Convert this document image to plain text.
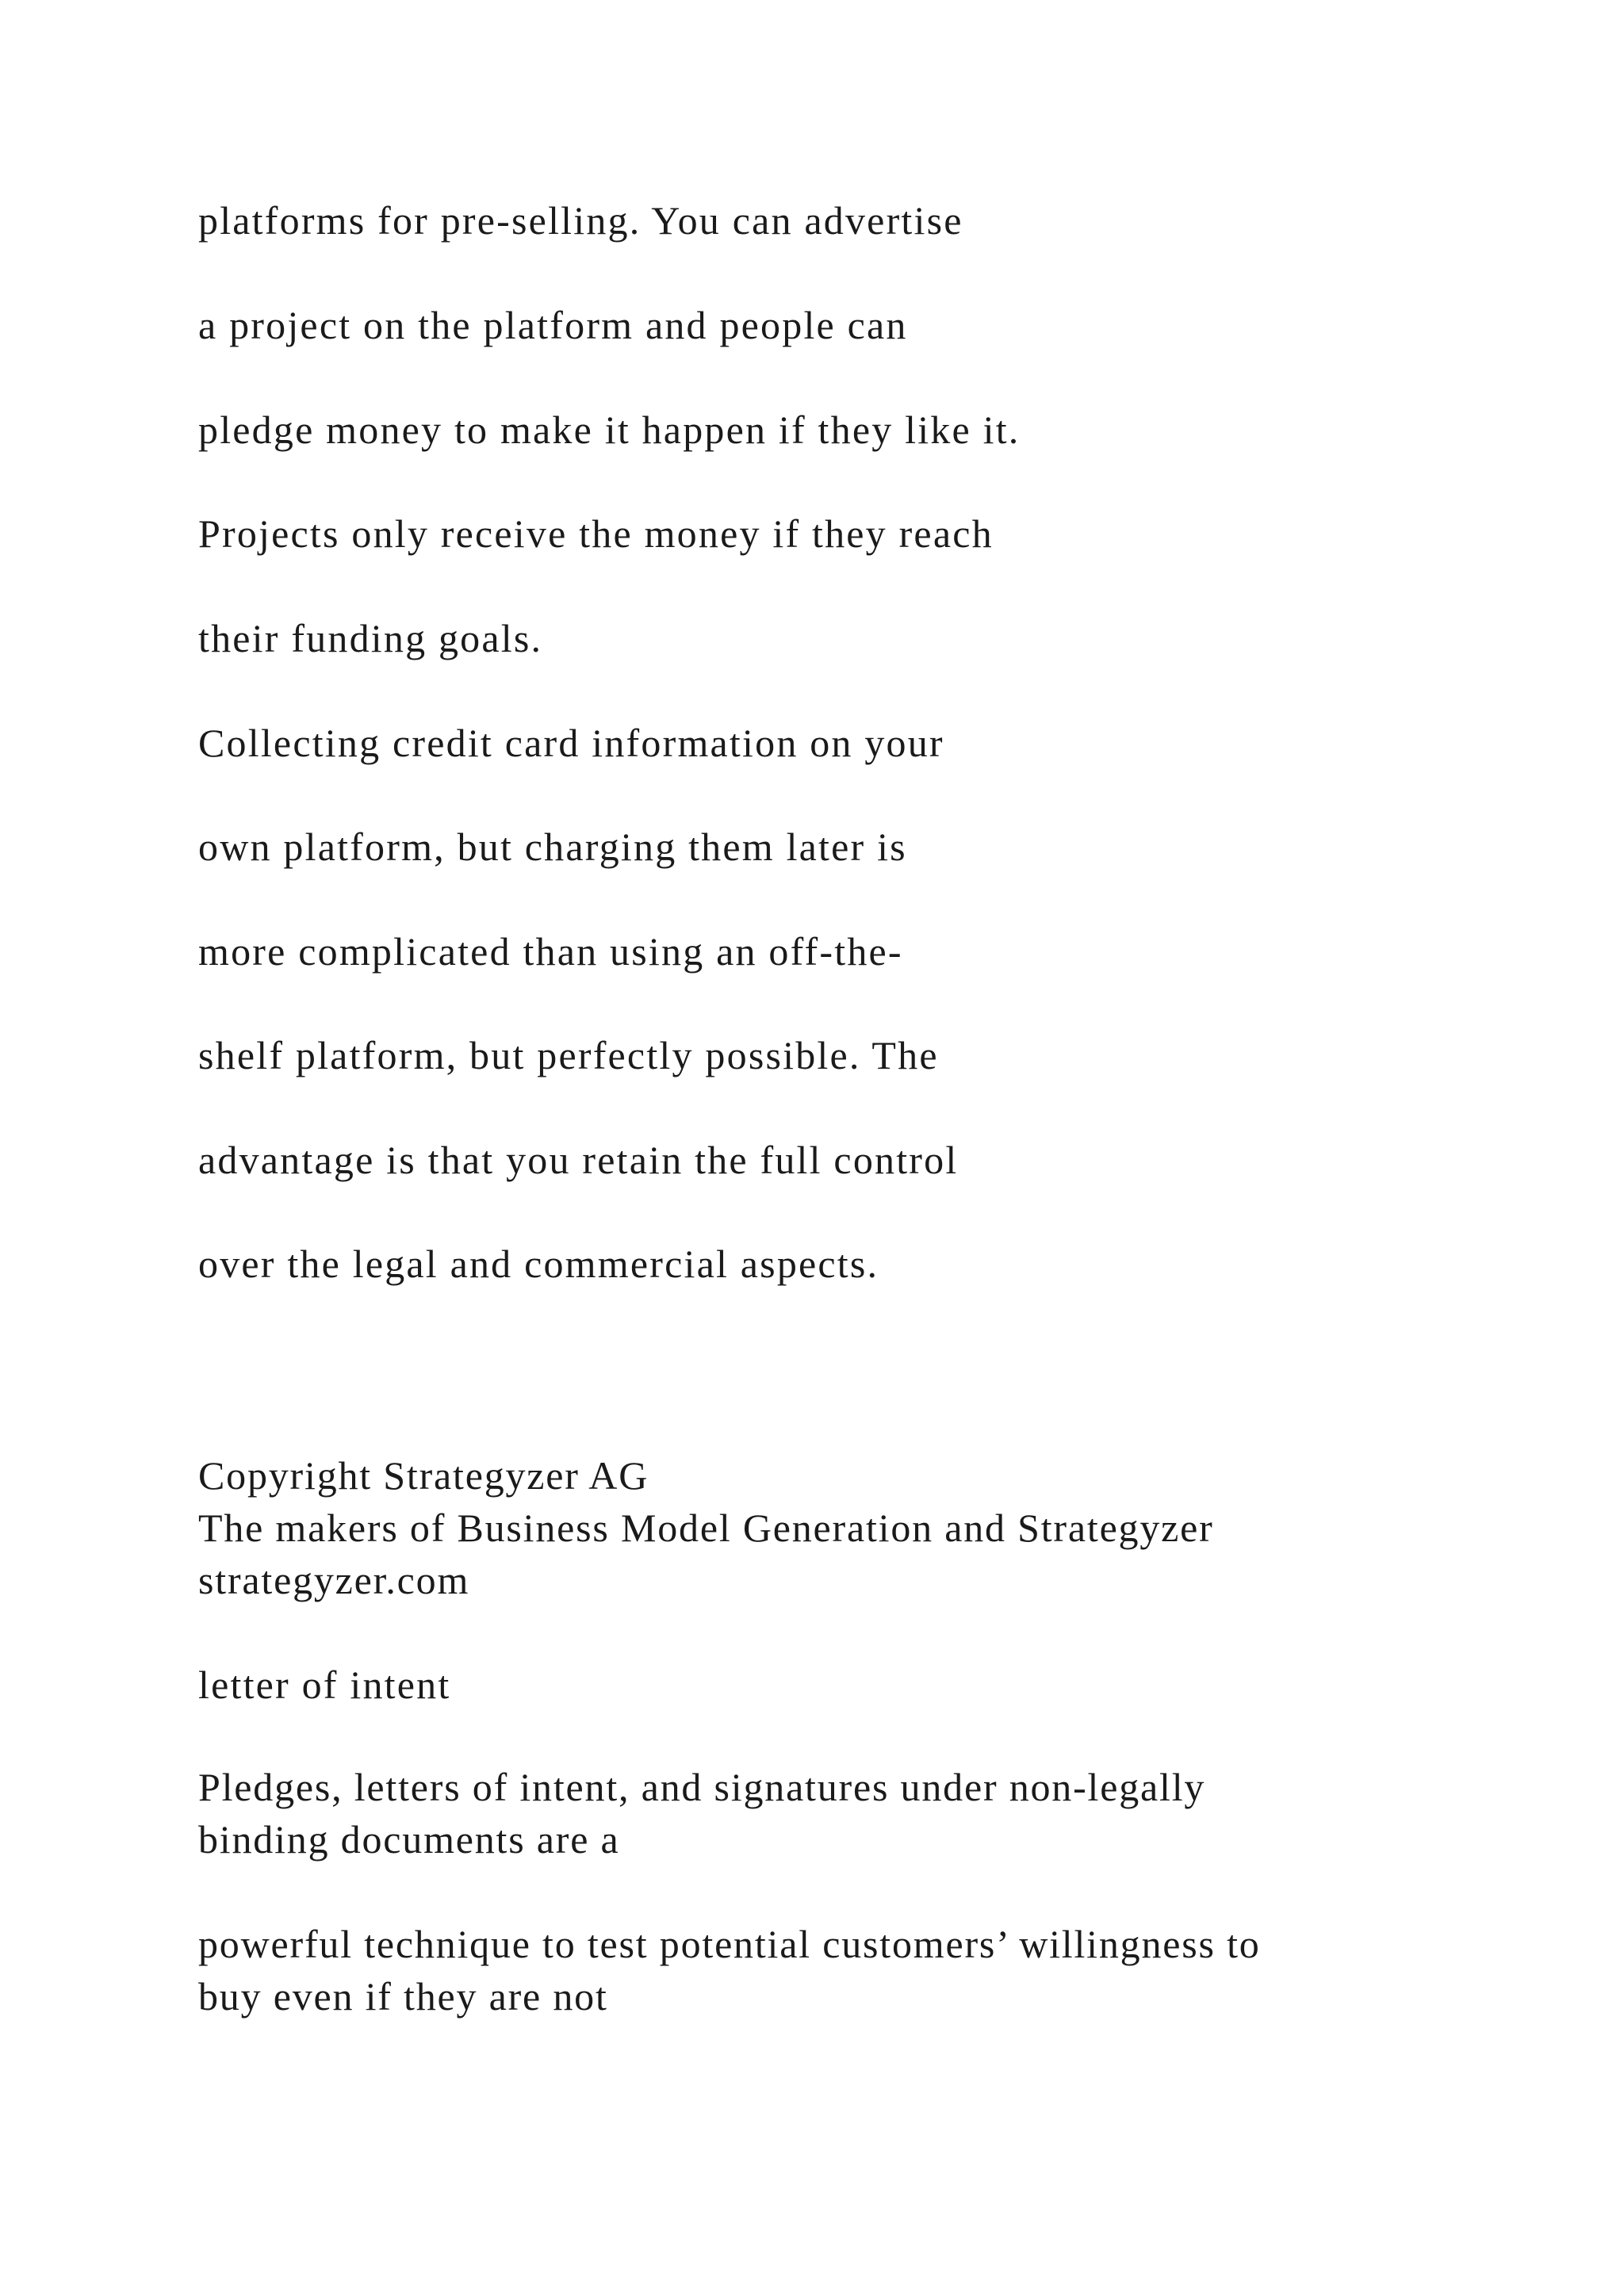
platforms for pre-selling. You can advertise

a project on the platform and people can

pledge money to make it happen if they like it.

Projects only receive the money if they reach

their funding goals.

Collecting credit card information on your

own platform, but charging them later is

more complicated than using an off-the-

shelf platform, but perfectly possible. The

advantage is that you retain the full control

over the legal and commercial aspects.

Copyright Strategyzer AG
The makers of Business Model Generation and Strategyzer
strategyzer.com

letter of intent

Pledges, letters of intent, and signatures under non-legally
binding documents are a
powerful technique to test potential customers’ willingness to
buy even if they are not
